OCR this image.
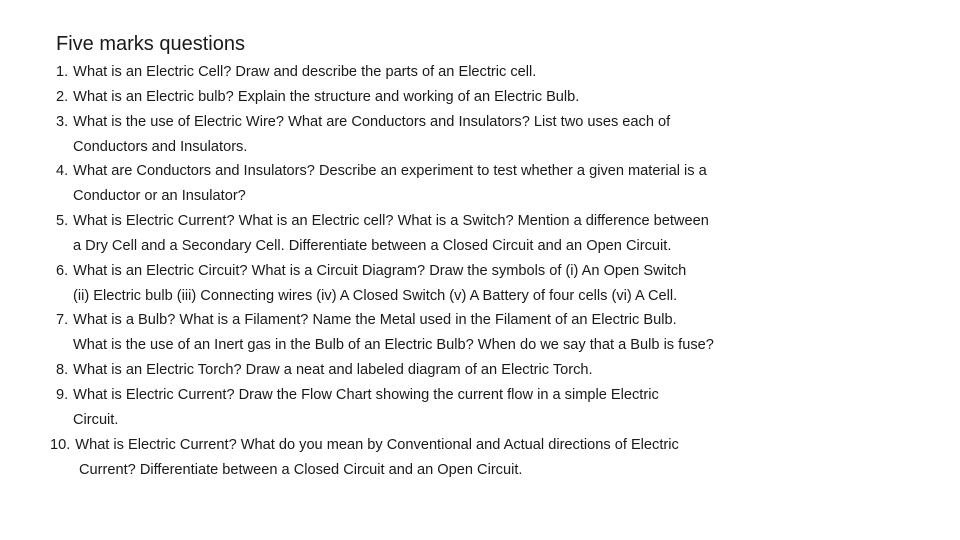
Five marks questions
1. What is an Electric Cell? Draw and describe the parts of an Electric cell.
2. What is an Electric bulb? Explain the structure and working of an Electric Bulb.
3. What is the use of Electric Wire? What are Conductors and Insulators? List two uses each of
Conductors and Insulators.
4. What are Conductors and Insulators? Describe an experiment to test whether a given material is a
Conductor or an Insulator?
5. What is Electric Current? What is an Electric cell? What is a Switch? Mention a difference between
a Dry Cell and a Secondary Cell. Differentiate between a Closed Circuit and an Open Circuit.
6. What is an Electric Circuit? What is a Circuit Diagram? Draw the symbols of (i) An Open Switch
(ii) Electric bulb (iii) Connecting wires (iv) A Closed Switch (v) A Battery of four cells (vi) A Cell.
7. What is a Bulb? What is a Filament? Name the Metal used in the Filament of an Electric Bulb.
What is the use of an Inert gas in the Bulb of an Electric Bulb? When do we say that a Bulb is fuse?
8. What is an Electric Torch? Draw a neat and labeled diagram of an Electric Torch.
9. What is Electric Current? Draw the Flow Chart showing the current flow in a simple Electric
Circuit.
10. What is Electric Current? What do you mean by Conventional and Actual directions of Electric
Current? Differentiate between a Closed Circuit and an Open Circuit.
